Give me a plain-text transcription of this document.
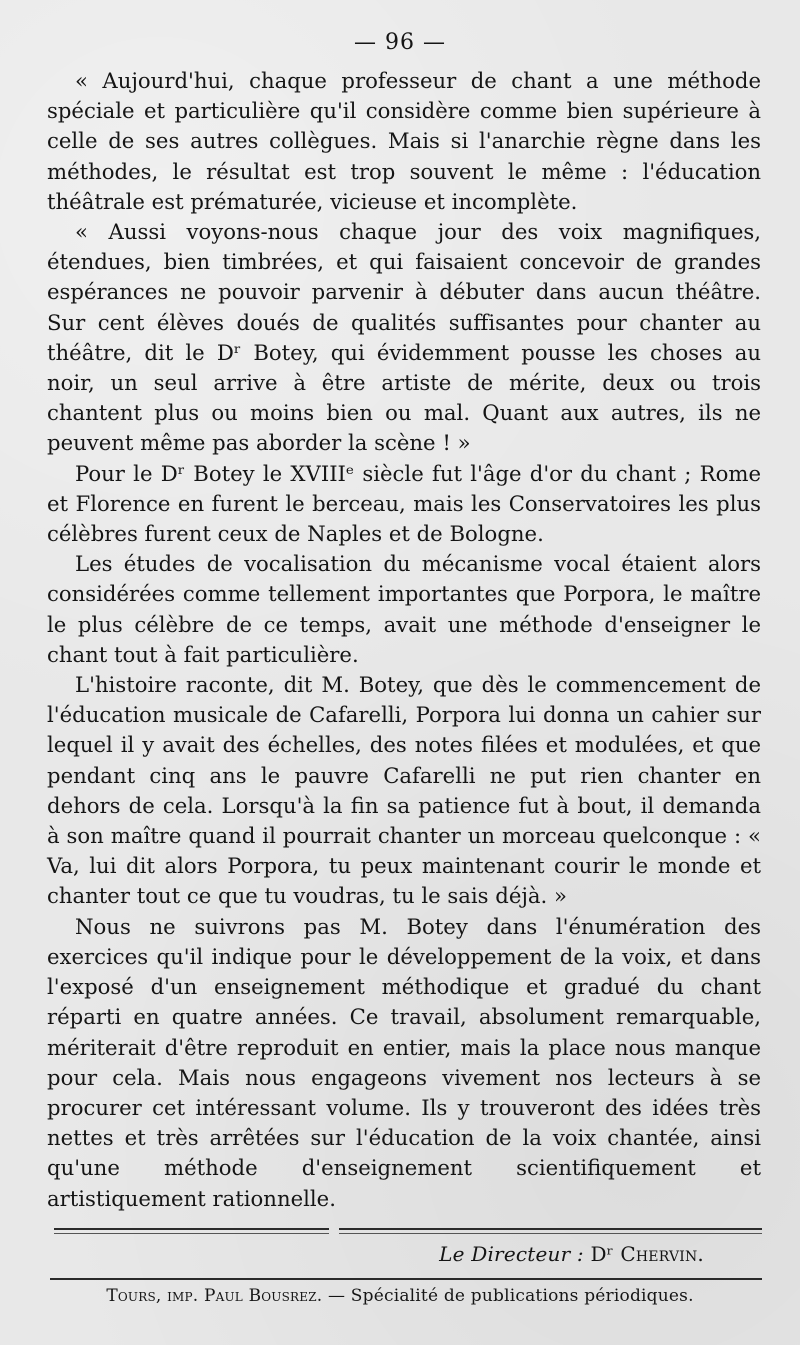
— 96 —

« Aujourd'hui, chaque professeur de chant a une méthode spéciale et particulière qu'il considère comme bien supérieure à celle de ses autres collègues. Mais si l'anarchie règne dans les méthodes, le résultat est trop souvent le même : l'éducation théâtrale est prématurée, vicieuse et incomplète.

« Aussi voyons-nous chaque jour des voix magnifiques, étendues, bien timbrées, et qui faisaient concevoir de grandes espérances ne pouvoir parvenir à débuter dans aucun théâtre. Sur cent élèves doués de qualités suffisantes pour chanter au théâtre, dit le Dʳ Botey, qui évidemment pousse les choses au noir, un seul arrive à être artiste de mérite, deux ou trois chantent plus ou moins bien ou mal. Quant aux autres, ils ne peuvent même pas aborder la scène ! »

Pour le Dʳ Botey le XVIIIᵉ siècle fut l'âge d'or du chant ; Rome et Florence en furent le berceau, mais les Conservatoires les plus célèbres furent ceux de Naples et de Bologne.

Les études de vocalisation du mécanisme vocal étaient alors considérées comme tellement importantes que Porpora, le maître le plus célèbre de ce temps, avait une méthode d'enseigner le chant tout à fait particulière.

L'histoire raconte, dit M. Botey, que dès le commencement de l'éducation musicale de Cafarelli, Porpora lui donna un cahier sur lequel il y avait des échelles, des notes filées et modulées, et que pendant cinq ans le pauvre Cafarelli ne put rien chanter en dehors de cela. Lorsqu'à la fin sa patience fut à bout, il demanda à son maître quand il pourrait chanter un morceau quelconque : « Va, lui dit alors Porpora, tu peux maintenant courir le monde et chanter tout ce que tu voudras, tu le sais déjà. »

Nous ne suivrons pas M. Botey dans l'énumération des exercices qu'il indique pour le développement de la voix, et dans l'exposé d'un enseignement méthodique et gradué du chant réparti en quatre années. Ce travail, absolument remarquable, mériterait d'être reproduit en entier, mais la place nous manque pour cela. Mais nous engageons vivement nos lecteurs à se procurer cet intéressant volume. Ils y trouveront des idées très nettes et très arrêtées sur l'éducation de la voix chantée, ainsi qu'une méthode d'enseignement scientifiquement et artistiquement rationnelle.

Le Directeur : Dʳ Chervin.
Tours, imp. Paul Bousrez. — Spécialité de publications périodiques.
